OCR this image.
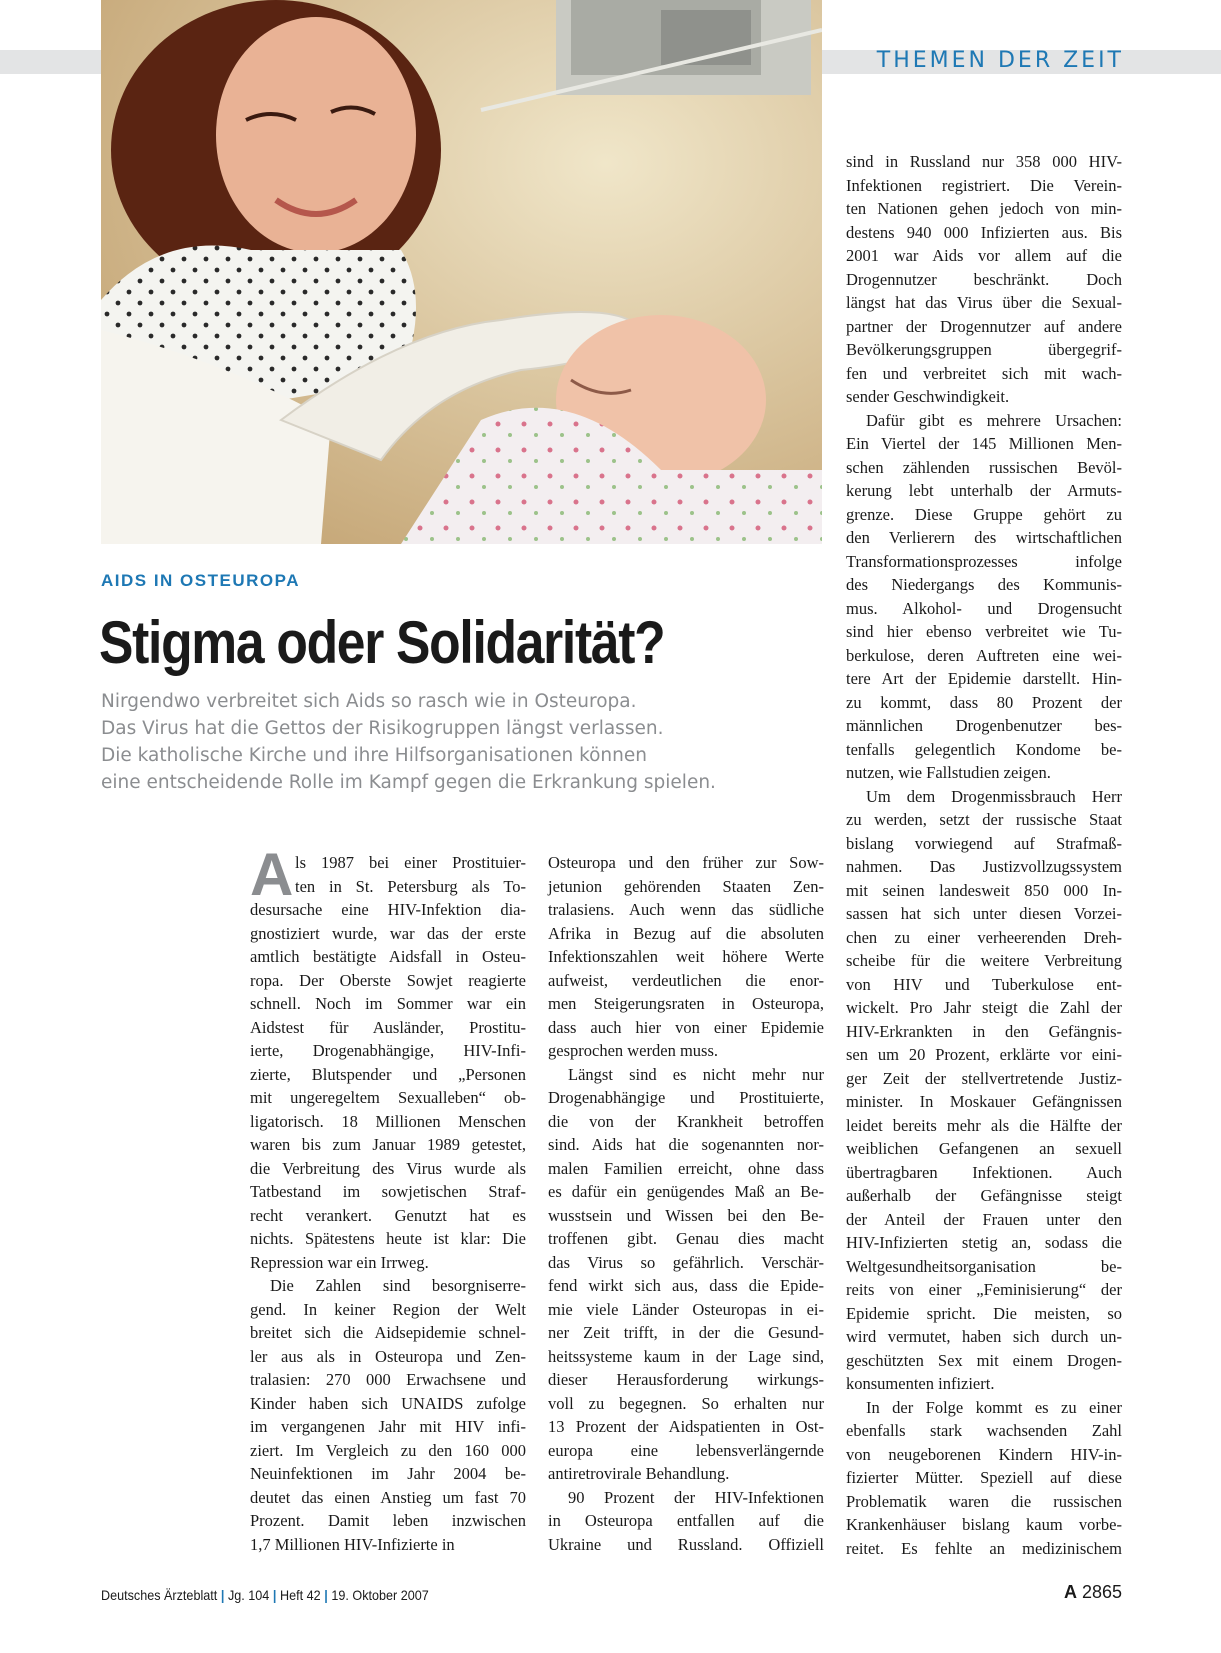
THEMEN DER ZEIT
AIDS IN OSTEUROPA
Stigma oder Solidarität?
Nirgendwo verbreitet sich Aids so rasch wie in Osteuropa.
Das Virus hat die Gettos der Risikogruppen längst verlassen.
Die katholische Kirche und ihre Hilfsorganisationen können
eine entscheidende Rolle im Kampf gegen die Erkrankung spielen.
A ls 1987 bei einer Prostituier-
ten in St. Petersburg als To-
desursache eine HIV-Infektion dia-
gnostiziert wurde, war das der erste
amtlich bestätigte Aidsfall in Osteu-
ropa. Der Oberste Sowjet reagierte
schnell. Noch im Sommer war ein
Aidstest für Ausländer, Prostitu-
ierte, Drogenabhängige, HIV-Infi-
zierte, Blutspender und „Personen
mit ungeregeltem Sexualleben“ ob-
ligatorisch. 18 Millionen Menschen
waren bis zum Januar 1989 getestet,
die Verbreitung des Virus wurde als
Tatbestand im sowjetischen Straf-
recht verankert. Genutzt hat es
nichts. Spätestens heute ist klar: Die
Repression war ein Irrweg.
Die Zahlen sind besorgniserre-
gend. In keiner Region der Welt
breitet sich die Aidsepidemie schnel-
ler aus als in Osteuropa und Zen-
tralasien: 270 000 Erwachsene und
Kinder haben sich UNAIDS zufolge
im vergangenen Jahr mit HIV infi-
ziert. Im Vergleich zu den 160 000
Neuinfektionen im Jahr 2004 be-
deutet das einen Anstieg um fast 70
Prozent. Damit leben inzwischen
1,7 Millionen HIV-Infizierte in
Osteuropa und den früher zur Sow-
jetunion gehörenden Staaten Zen-
tralasiens. Auch wenn das südliche
Afrika in Bezug auf die absoluten
Infektionszahlen weit höhere Werte
aufweist, verdeutlichen die enor-
men Steigerungsraten in Osteuropa,
dass auch hier von einer Epidemie
gesprochen werden muss.
Längst sind es nicht mehr nur
Drogenabhängige und Prostituierte,
die von der Krankheit betroffen
sind. Aids hat die sogenannten nor-
malen Familien erreicht, ohne dass
es dafür ein genügendes Maß an Be-
wusstsein und Wissen bei den Be-
troffenen gibt. Genau dies macht
das Virus so gefährlich. Verschär-
fend wirkt sich aus, dass die Epide-
mie viele Länder Osteuropas in ei-
ner Zeit trifft, in der die Gesund-
heitssysteme kaum in der Lage sind,
dieser Herausforderung wirkungs-
voll zu begegnen. So erhalten nur
13 Prozent der Aidspatienten in Ost-
europa eine lebensverlängernde
antiretrovirale Behandlung.
90 Prozent der HIV-Infektionen
in Osteuropa entfallen auf die
Ukraine und Russland. Offiziell
sind in Russland nur 358 000 HIV-
Infektionen registriert. Die Verein-
ten Nationen gehen jedoch von min-
destens 940 000 Infizierten aus. Bis
2001 war Aids vor allem auf die
Drogennutzer beschränkt. Doch
längst hat das Virus über die Sexual-
partner der Drogennutzer auf andere
Bevölkerungsgruppen übergegrif-
fen und verbreitet sich mit wach-
sender Geschwindigkeit.
Dafür gibt es mehrere Ursachen:
Ein Viertel der 145 Millionen Men-
schen zählenden russischen Bevöl-
kerung lebt unterhalb der Armuts-
grenze. Diese Gruppe gehört zu
den Verlierern des wirtschaftlichen
Transformationsprozesses infolge
des Niedergangs des Kommunis-
mus. Alkohol- und Drogensucht
sind hier ebenso verbreitet wie Tu-
berkulose, deren Auftreten eine wei-
tere Art der Epidemie darstellt. Hin-
zu kommt, dass 80 Prozent der
männlichen Drogenbenutzer bes-
tenfalls gelegentlich Kondome be-
nutzen, wie Fallstudien zeigen.
Um dem Drogenmissbrauch Herr
zu werden, setzt der russische Staat
bislang vorwiegend auf Strafmaß-
nahmen. Das Justizvollzugssystem
mit seinen landesweit 850 000 In-
sassen hat sich unter diesen Vorzei-
chen zu einer verheerenden Dreh-
scheibe für die weitere Verbreitung
von HIV und Tuberkulose ent-
wickelt. Pro Jahr steigt die Zahl der
HIV-Erkrankten in den Gefängnis-
sen um 20 Prozent, erklärte vor eini-
ger Zeit der stellvertretende Justiz-
minister. In Moskauer Gefängnissen
leidet bereits mehr als die Hälfte der
weiblichen Gefangenen an sexuell
übertragbaren Infektionen. Auch
außerhalb der Gefängnisse steigt
der Anteil der Frauen unter den
HIV-Infizierten stetig an, sodass die
Weltgesundheitsorganisation be-
reits von einer „Feminisierung“ der
Epidemie spricht. Die meisten, so
wird vermutet, haben sich durch un-
geschützten Sex mit einem Drogen-
konsumenten infiziert.
In der Folge kommt es zu einer
ebenfalls stark wachsenden Zahl
von neugeborenen Kindern HIV-in-
fizierter Mütter. Speziell auf diese
Problematik waren die russischen
Krankenhäuser bislang kaum vorbe-
reitet. Es fehlte an medizinischem
Deutsches Ärzteblatt | Jg. 104 | Heft 42 | 19. Oktober 2007	A 2865
